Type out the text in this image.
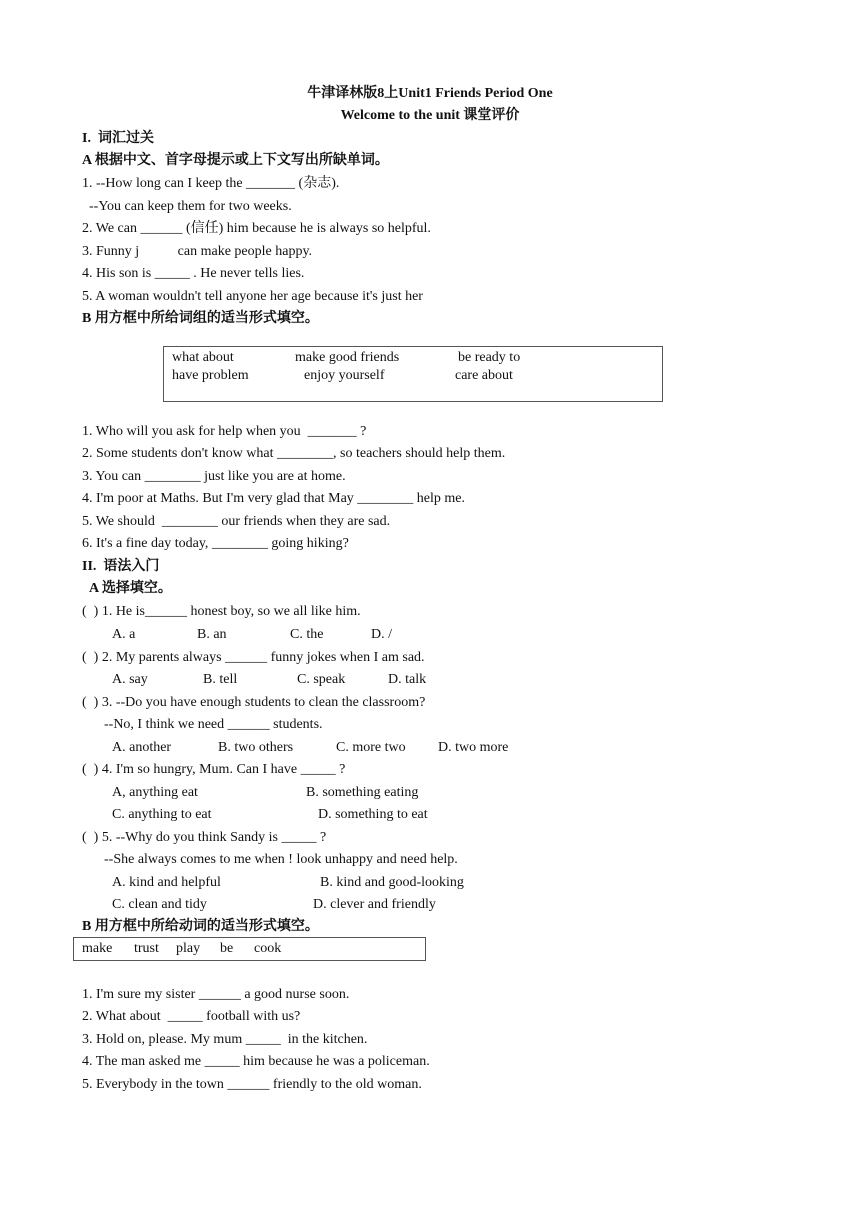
牛津译林版8上Unit1 Friends Period One
Welcome to the unit 课堂评价
I.  词汇过关
A 根据中文、首字母提示或上下文写出所缺单词。
1. --How long can I keep the _______ (杂志).
--You can keep them for two weeks.
2. We can ______ (信任) him because he is always so helpful.
3. Funny j           can make people happy.
4. His son is _____ . He never tells lies.
5. A woman wouldn't tell anyone her age because it's just her
B 用方框中所给词组的适当形式填空。
what about	make good friends	be ready to
have problem	enjoy yourself	care about
1. Who will you ask for help when you  _______ ?
2. Some students don't know what ________, so teachers should help them.
3. You can ________ just like you are at home.
4. I'm poor at Maths. But I'm very glad that May ________ help me.
5. We should  ________ our friends when they are sad.
6. It's a fine day today, ________ going hiking?
II.  语法入门
A 选择填空。
(  ) 1. He is______ honest boy, so we all like him.
A. a	B. an	C. the	D. /
(  ) 2. My parents always ______ funny jokes when I am sad.
A. say	B. tell	C. speak	D. talk
(  ) 3. --Do you have enough students to clean the classroom?
--No, I think we need ______ students.
A. another	B. two others	C. more two D. two more
(  ) 4. I'm so hungry, Mum. Can I have _____ ?
A, anything eat	B. something eating
C. anything to eat	D. something to eat
(  ) 5. --Why do you think Sandy is _____ ?
--She always comes to me when ! look unhappy and need help.
A. kind and helpful	B. kind and good-looking
C. clean and tidy	D. clever and friendly
B 用方框中所给动词的适当形式填空。
make trust play be cook
1. I'm sure my sister ______ a good nurse soon.
2. What about  _____ football with us?
3. Hold on, please. My mum _____  in the kitchen.
4. The man asked me _____ him because he was a policeman.
5. Everybody in the town ______ friendly to the old woman.
